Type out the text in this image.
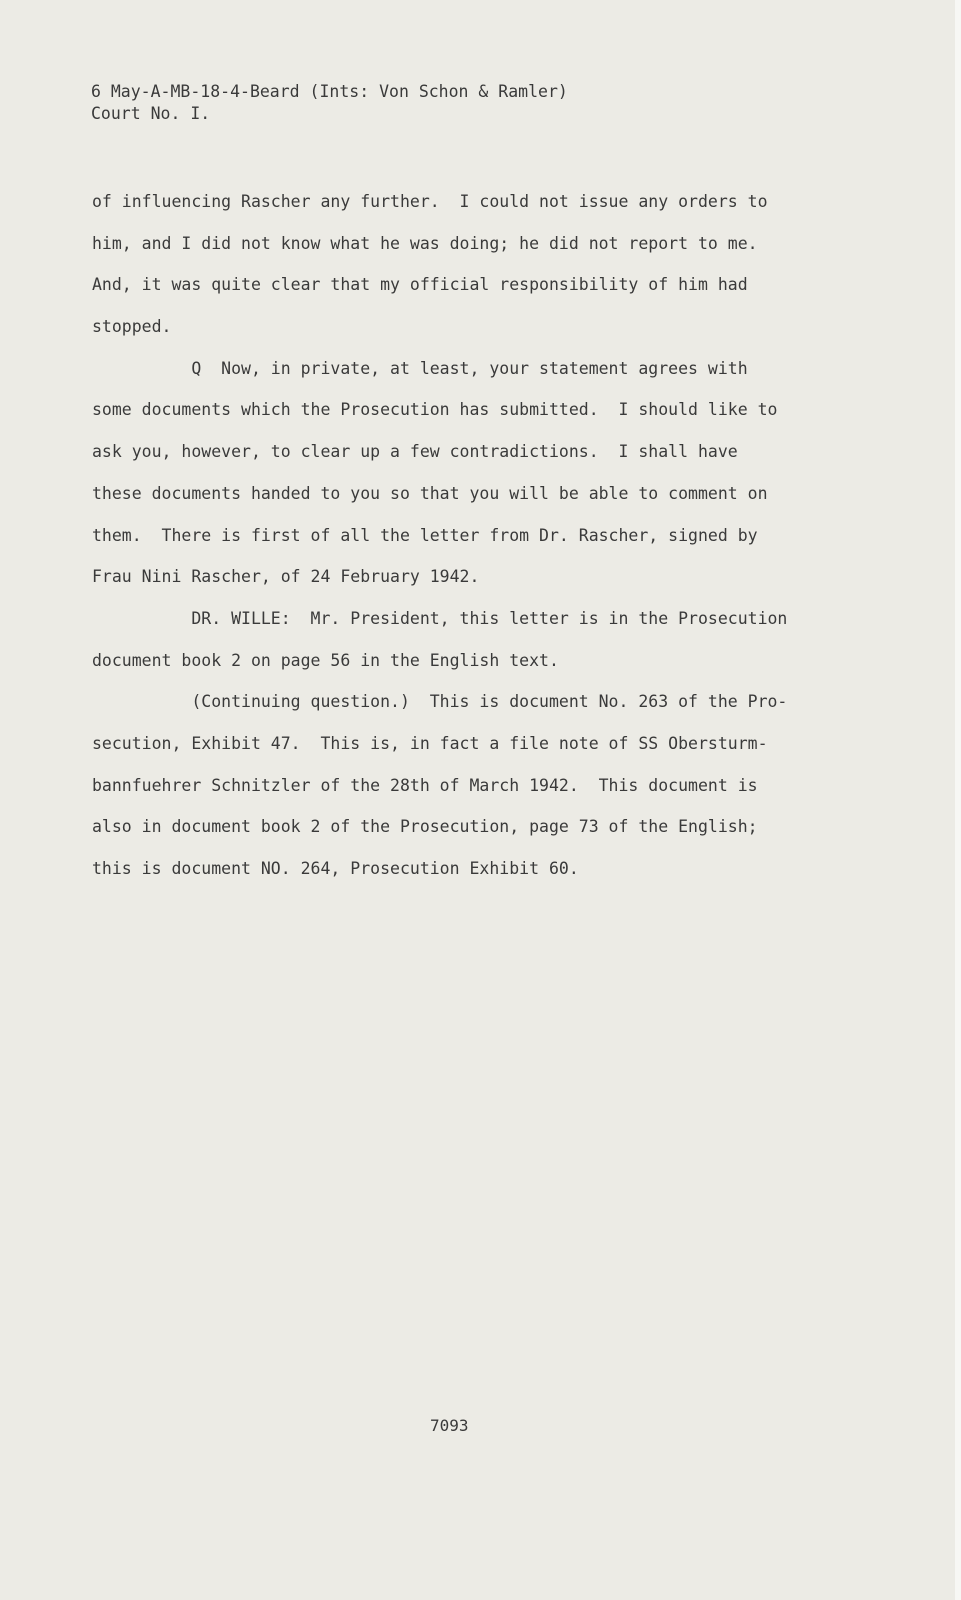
6 May-A-MB-18-4-Beard (Ints: Von Schon & Ramler)
Court No. I.
of influencing Rascher any further.  I could not issue any orders to
him, and I did not know what he was doing; he did not report to me.
And, it was quite clear that my official responsibility of him had
stopped.
Q  Now, in private, at least, your statement agrees with
some documents which the Prosecution has submitted.  I should like to
ask you, however, to clear up a few contradictions.  I shall have
these documents handed to you so that you will be able to comment on
them.  There is first of all the letter from Dr. Rascher, signed by
Frau Nini Rascher, of 24 February 1942.
DR. WILLE:  Mr. President, this letter is in the Prosecution
document book 2 on page 56 in the English text.
(Continuing question.)  This is document No. 263 of the Pro-
secution, Exhibit 47.  This is, in fact a file note of SS Obersturm-
bannfuehrer Schnitzler of the 28th of March 1942.  This document is
also in document book 2 of the Prosecution, page 73 of the English;
this is document NO. 264, Prosecution Exhibit 60.
7093
